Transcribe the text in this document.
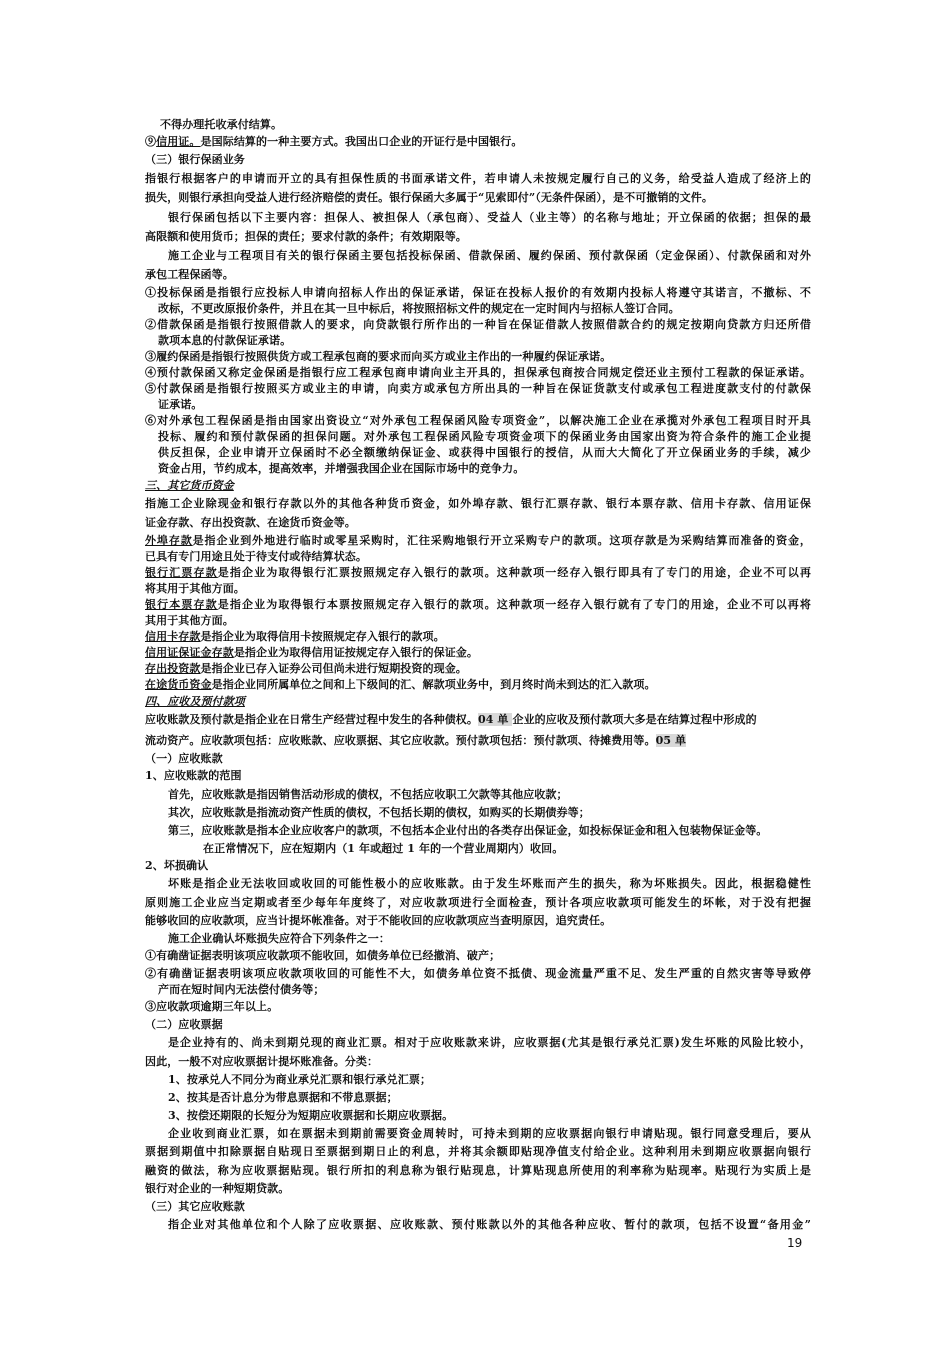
19
不得办理托收承付结算。
⑨信用证。是国际结算的一种主要方式。我国出口企业的开证行是中国银行。
（三）银行保函业务
指银行根据客户的申请而开立的具有担保性质的书面承诺文件，若申请人未按规定履行自己的义务，给受益人造成了经济上的
损失，则银行承担向受益人进行经济赔偿的责任。银行保函大多属于“见索即付”（无条件保函），是不可撤销的文件。
银行保函包括以下主要内容：担保人、被担保人（承包商）、受益人（业主等）的名称与地址；开立保函的依据；担保的最
高限额和使用货币；担保的责任；要求付款的条件；有效期限等。
施工企业与工程项目有关的银行保函主要包括投标保函、借款保函、履约保函、预付款保函（定金保函）、付款保函和对外
承包工程保函等。
①投标保函是指银行应投标人申请向招标人作出的保证承诺，保证在投标人报价的有效期内投标人将遵守其诺言，不撤标、不
改标，不更改原报价条件，并且在其一旦中标后，将按照招标文件的规定在一定时间内与招标人签订合同。
②借款保函是指银行按照借款人的要求，向贷款银行所作出的一种旨在保证借款人按照借款合约的规定按期向贷款方归还所借
款项本息的付款保证承诺。
③履约保函是指银行按照供货方或工程承包商的要求而向买方或业主作出的一种履约保证承诺。
④预付款保函又称定金保函是指银行应工程承包商申请向业主开具的，担保承包商按合同规定偿还业主预付工程款的保证承诺。
⑤付款保函是指银行按照买方或业主的申请，向卖方或承包方所出具的一种旨在保证货款支付或承包工程进度款支付的付款保
证承诺。
⑥对外承包工程保函是指由国家出资设立“对外承包工程保函风险专项资金”，以解决施工企业在承揽对外承包工程项目时开具
投标、履约和预付款保函的担保问题。对外承包工程保函风险专项资金项下的保函业务由国家出资为符合条件的施工企业提
供反担保，企业申请开立保函时不必全额缴纳保证金、或获得中国银行的授信，从而大大简化了开立保函业务的手续，减少
资金占用，节约成本，提高效率，并增强我国企业在国际市场中的竞争力。
三、其它货币资金
指施工企业除现金和银行存款以外的其他各种货币资金，如外埠存款、银行汇票存款、银行本票存款、信用卡存款、信用证保
证金存款、存出投资款、在途货币资金等。
外埠存款是指企业到外地进行临时或零星采购时，汇往采购地银行开立采购专户的款项。这项存款是为采购结算而准备的资金，
已具有专门用途且处于待支付或待结算状态。
银行汇票存款是指企业为取得银行汇票按照规定存入银行的款项。这种款项一经存入银行即具有了专门的用途，企业不可以再
将其用于其他方面。
银行本票存款是指企业为取得银行本票按照规定存入银行的款项。这种款项一经存入银行就有了专门的用途，企业不可以再将
其用于其他方面。
信用卡存款是指企业为取得信用卡按照规定存入银行的款项。
信用证保证金存款是指企业为取得信用证按规定存入银行的保证金。
存出投资款是指企业已存入证券公司但尚未进行短期投资的现金。
在途货币资金是指企业同所属单位之间和上下级间的汇、解款项业务中，到月终时尚未到达的汇入款项。
四、应收及预付款项
应收账款及预付款是指企业在日常生产经营过程中发生的各种债权。04 单 企业的应收及预付款项大多是在结算过程中形成的
流动资产。应收款项包括：应收账款、应收票据、其它应收款。预付款项包括：预付款项、待摊费用等。05 单
（一）应收账款
1、应收账款的范围
首先，应收账款是指因销售活动形成的债权，不包括应收职工欠款等其他应收款；
其次，应收账款是指流动资产性质的债权，不包括长期的债权，如购买的长期债券等；
第三，应收账款是指本企业应收客户的款项，不包括本企业付出的各类存出保证金，如投标保证金和租入包装物保证金等。
在正常情况下，应在短期内（1 年或超过 1 年的一个营业周期内）收回。
2、坏损确认
坏账是指企业无法收回或收回的可能性极小的应收账款。由于发生坏账而产生的损失，称为坏账损失。因此，根据稳健性
原则施工企业应当定期或者至少每年年度终了，对应收款项进行全面检查，预计各项应收款项可能发生的坏帐，对于没有把握
能够收回的应收款项，应当计提坏帐准备。对于不能收回的应收款项应当查明原因，追究责任。
施工企业确认坏账损失应符合下列条件之一：
①有确凿证据表明该项应收款项不能收回，如债务单位已经撤消、破产；
②有确凿证据表明该项应收款项收回的可能性不大，如债务单位资不抵债、现金流量严重不足、发生严重的自然灾害等导致停
产而在短时间内无法偿付债务等；
③应收款项逾期三年以上。
（二）应收票据
是企业持有的、尚未到期兑现的商业汇票。相对于应收账款来讲，应收票据(尤其是银行承兑汇票)发生坏账的风险比较小，
因此，一般不对应收票据计提坏账准备。分类：
1、按承兑人不同分为商业承兑汇票和银行承兑汇票；
2、按其是否计息分为带息票据和不带息票据；
3、按偿还期限的长短分为短期应收票据和长期应收票据。
企业收到商业汇票，如在票据未到期前需要资金周转时，可持未到期的应收票据向银行申请贴现。银行同意受理后，要从
票据到期值中扣除票据自贴现日至票据到期日止的利息，并将其余额即贴现净值支付给企业。这种利用未到期应收票据向银行
融资的做法，称为应收票据贴现。银行所扣的利息称为银行贴现息，计算贴现息所使用的利率称为贴现率。贴现行为实质上是
银行对企业的一种短期贷款。
（三）其它应收账款
指企业对其他单位和个人除了应收票据、应收账款、预付账款以外的其他各种应收、暂付的款项，包括不设置“备用金”
